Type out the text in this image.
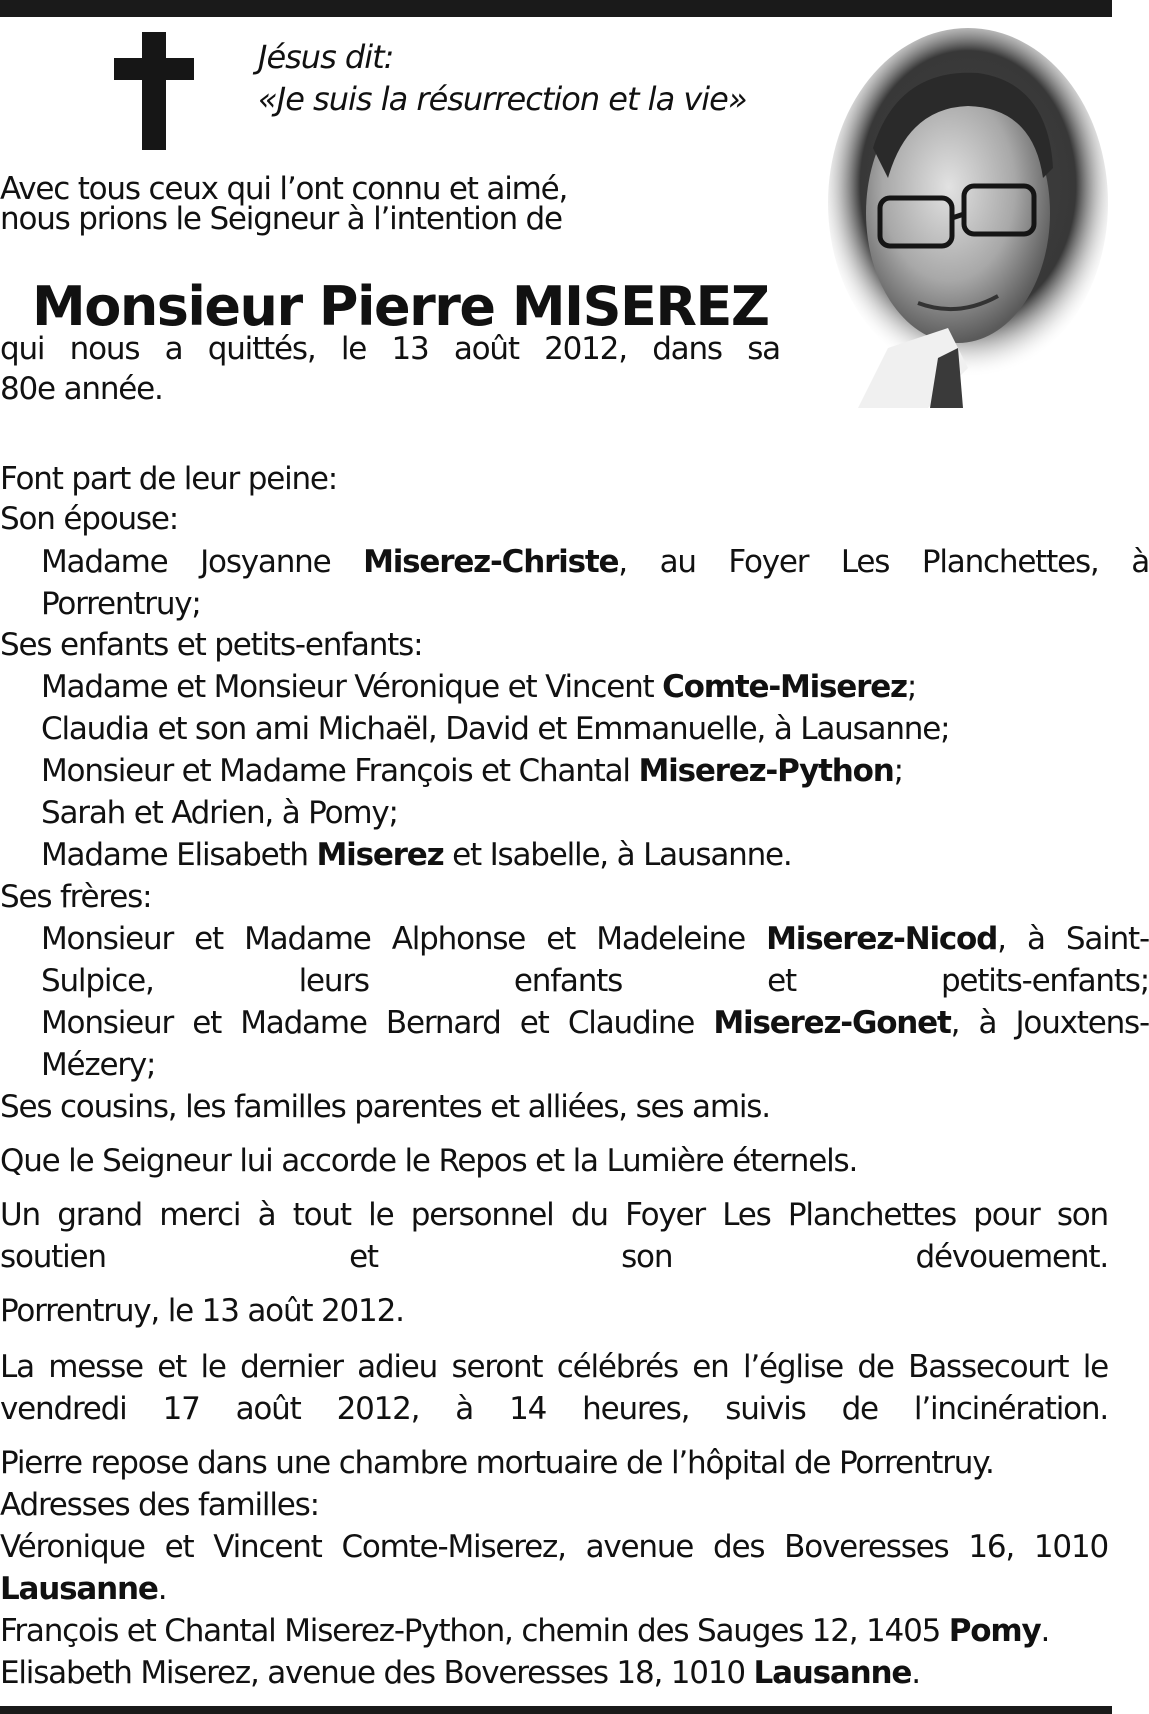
Jésus dit:
«Je suis la résurrection et la vie»
Avec tous ceux qui l’ont connu et aimé,
nous prions le Seigneur à l’intention de
Monsieur Pierre MISEREZ
qui nous a quittés, le 13 août 2012, dans sa
80e année.
Font part de leur peine:
Son épouse:
Madame Josyanne Miserez-Christe, au Foyer Les Planchettes, à Porrentruy;
Ses enfants et petits-enfants:
Madame et Monsieur Véronique et Vincent Comte-Miserez;
Claudia et son ami Michaël, David et Emmanuelle, à Lausanne;
Monsieur et Madame François et Chantal Miserez-Python;
Sarah et Adrien, à Pomy;
Madame Elisabeth Miserez et Isabelle, à Lausanne.
Ses frères:
Monsieur et Madame Alphonse et Madeleine Miserez-Nicod, à Saint-Sulpice, leurs enfants et petits-enfants;
Monsieur et Madame Bernard et Claudine Miserez-Gonet, à Jouxtens-Mézery;
Ses cousins, les familles parentes et alliées, ses amis.
Que le Seigneur lui accorde le Repos et la Lumière éternels.
Un grand merci à tout le personnel du Foyer Les Planchettes pour son soutien et son dévouement.
Porrentruy, le 13 août 2012.
La messe et le dernier adieu seront célébrés en l’église de Bassecourt le vendredi 17 août 2012, à 14 heures, suivis de l’incinération.
Pierre repose dans une chambre mortuaire de l’hôpital de Porrentruy.
Adresses des familles:
Véronique et Vincent Comte-Miserez, avenue des Boveresses 16, 1010 Lausanne.
François et Chantal Miserez-Python, chemin des Sauges 12, 1405 Pomy.
Elisabeth Miserez, avenue des Boveresses 18, 1010 Lausanne.
